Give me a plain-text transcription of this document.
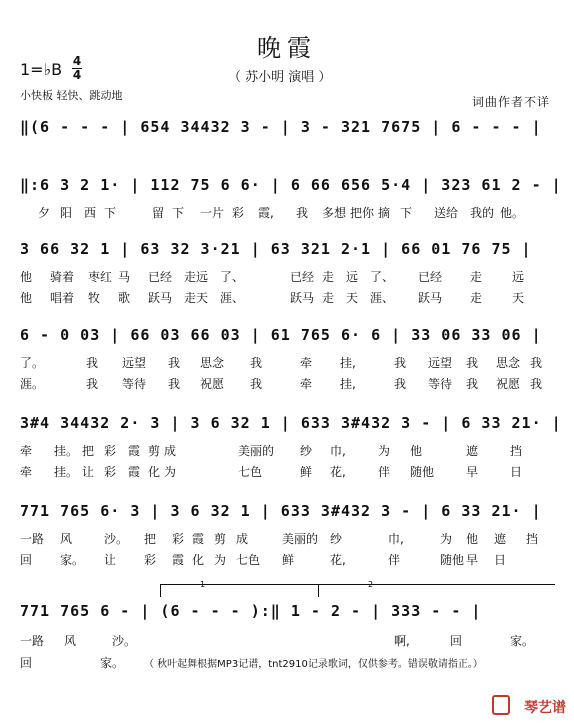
晚霞
1=♭B 4
4	（ 苏小明 演唱 ）
小快板 轻快、跳动地	词曲作者不详
‖(6 - - - | 654 34432 3 - | 3 - 321 7675 | 6 - - - |
‖:6 3 2 1· | 112 75 6 6· | 6 66 656 5·4 | 323 61 2 - |
夕 阳 西 下	留 下 一片 彩 霞, 我 多想 把你 摘 下 送给 我的 他。
3 66 32 1 | 63 32 3·21 | 63 321 2·1 | 66 01 76 75 |
他 骑着 枣红 马 已经 走远 了、	已经 走 远 了、 已经 走 远
他 唱着 牧 歌 跃马 走天 涯、	跃马 走 天 涯、 跃马 走 天
6 - 0 03 | 66 03 66 03 | 61 765 6· 6 | 33 06 33 06 |
了。	我 远望 我 思念 我	牵 挂,	我 远望 我 思念 我
涯。	我 等待 我 祝愿 我	牵 挂,	我 等待 我 祝愿 我
3#4 34432 2· 3 | 3 6 32 1 | 633 3#432 3 - | 6 33 21· |
牵 挂。 把 彩 霞 剪 成	美丽的 纱 巾,	为 他	遮	挡
牵 挂。 让 彩 霞 化 为	七色	鲜 花,	伴 随他	早	日
771 765 6· 3 | 3 6 32 1 | 633 3#432 3 - | 6 33 21· |
一路 风	沙。 把 彩 霞 剪 成	美丽的 纱	巾,	为 他 遮 挡
回 家。 让 彩 霞 化 为 七色 鲜	花,	伴	随他 早 日
1	2
771 765 6 - | (6 - - - ):‖ 1 - 2 - | 333 - - |
一路 风	沙。	啊,	回	家。
回	家。 （ 秋叶起舞根据MP3记谱，tnt2910记录歌词，仅供参考。错误敬请指正。）
琴艺谱
